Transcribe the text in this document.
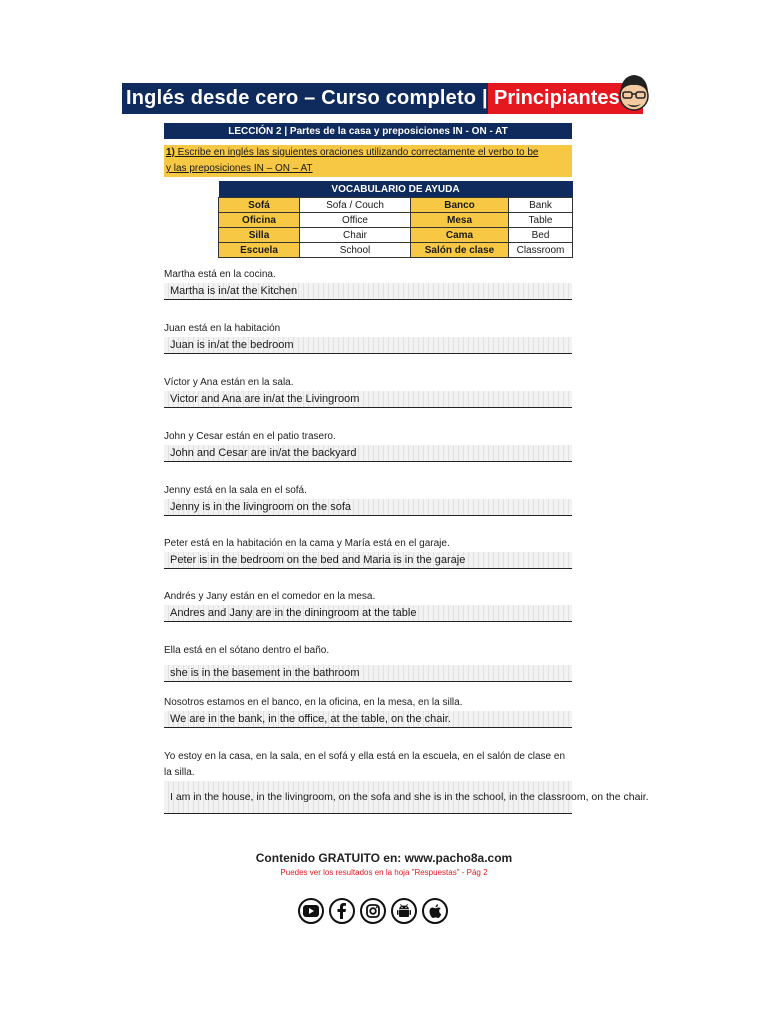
Inglés desde cero – Curso completo | Principiantes
LECCIÓN 2 | Partes de la casa y preposiciones IN - ON - AT
1) Escribe en inglés las siguientes oraciones utilizando correctamente el verbo to be
y las preposiciones IN – ON – AT
VOCABULARIO DE AYUDA			
Sofá	Sofa / Couch	Banco	Bank
Oficina	Office	Mesa	Table
Silla	Chair	Cama	Bed
Escuela	School	Salón de clase	Classroom
Martha está en la cocina.
Martha is in/at the Kitchen
Juan está en la habitación
Juan is in/at the bedroom
Víctor y Ana están en la sala.
Victor and Ana are in/at the Livingroom
John y Cesar están en el patio trasero.
John and Cesar are in/at the backyard
Jenny está en la sala en el sofá.
Jenny is in the livingroom on the sofa
Peter está en la habitación en la cama y María está en el garaje.
Peter is in the bedroom on the bed and Maria is in the garaje
Andrés y Jany están en el comedor en la mesa.
Andres and Jany are in the diningroom at the table
Ella está en el sótano dentro el baño.
she is in the basement in the bathroom
Nosotros estamos en el banco, en la oficina, en la mesa, en la silla.
We are in the bank, in the office, at the table, on the chair.
Yo estoy en la casa, en la sala, en el sofá y ella está en la escuela, en el salón de clase en la silla.
I am in the house, in the livingroom, on the sofa and she is in the school, in the classroom, on the chair.
Contenido GRATUITO en: www.pacho8a.com
Puedes ver los resultados en la hoja "Respuestas" - Pág 2
